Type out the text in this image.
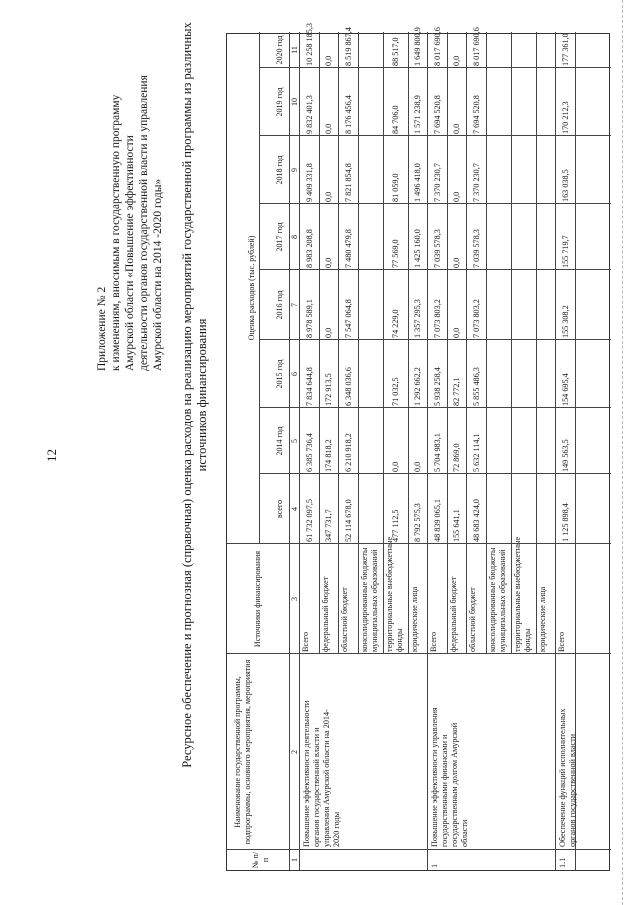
12
Приложение № 2 к изменениям, вносимым в государственную программу Амурской области «Повышение эффективности деятельности органов государственной власти и управления Амурской области на 2014 -2020 годы» Ресурсное обеспечение и прогнозная (справочная) оценка расходов на реализацию мероприятий государственной программы из различных источников финансирования
№ п/п
Наименование государственной программы, подпрограммы, основного мероприятия, мероприятия
Источники финансирования
Оценка расходов (тыс. рублей)
всего
2014 год
2015 год
2016 год
2017 год
2018 год
2019 год
2020 год
1
2
3
4
5
6
7
8
9
10
11
Всего
61 732 097,5
6 385 736,4
7 834 644,8
8 978 589,1
8 983 208,8
9 409 331,8
9 832 401,3
10 258 185,3
федеральный бюджет
347 731,7
174 818,2
172 913,5
0,0
0,0
0,0
0,0
0,0
областной бюджет
52 114 678,0
6 210 918,2
6 348 036,6
7 547 064,8
7 480 479,8
7 821 854,8
8 176 456,4
8 519 867,4
консолидированные бюджеты
муниципальных образований
территориальные внебюджетные
фонды
477 112,5
0,0
71 032,5
74 229,0
77 569,0
81 059,0
84 706,0
88 517,0
юридические лица
8 792 575,3
0,0
1 292 662,2
1 357 295,3
1 425 160,0
1 496 418,0
1 571 238,9
1 649 800,9
Повышение эффективности деятельности
органов государственной власти и
управления Амурской области на 2014-
2020 годы
Всего
48 839 065,1
5 704 983,1
5 938 258,4
7 073 803,2
7 039 578,3
7 370 230,7
7 694 520,8
8 017 690,6
федеральный бюджет
155 641,1
72 869,0
82 772,1
0,0
0,0
0,0
0,0
0,0
областной бюджет
48 683 424,0
5 632 114,1
5 855 486,3
7 073 803,2
7 039 578,3
7 370 230,7
7 694 520,8
8 017 690,6
консолидированные бюджеты
муниципальных образований
территориальные внебюджетные
фонды юридические лица
Повышение эффективности управления
государственными финансами и
государственным долгом Амурской
области
1
Всего
1 125 898,4
149 563,5
154 695,4
155 308,2
155 719,7
163 038,5
170 212,3
177 361,0
Обеспечение функций исполнительных
органов государственной власти
1.1
